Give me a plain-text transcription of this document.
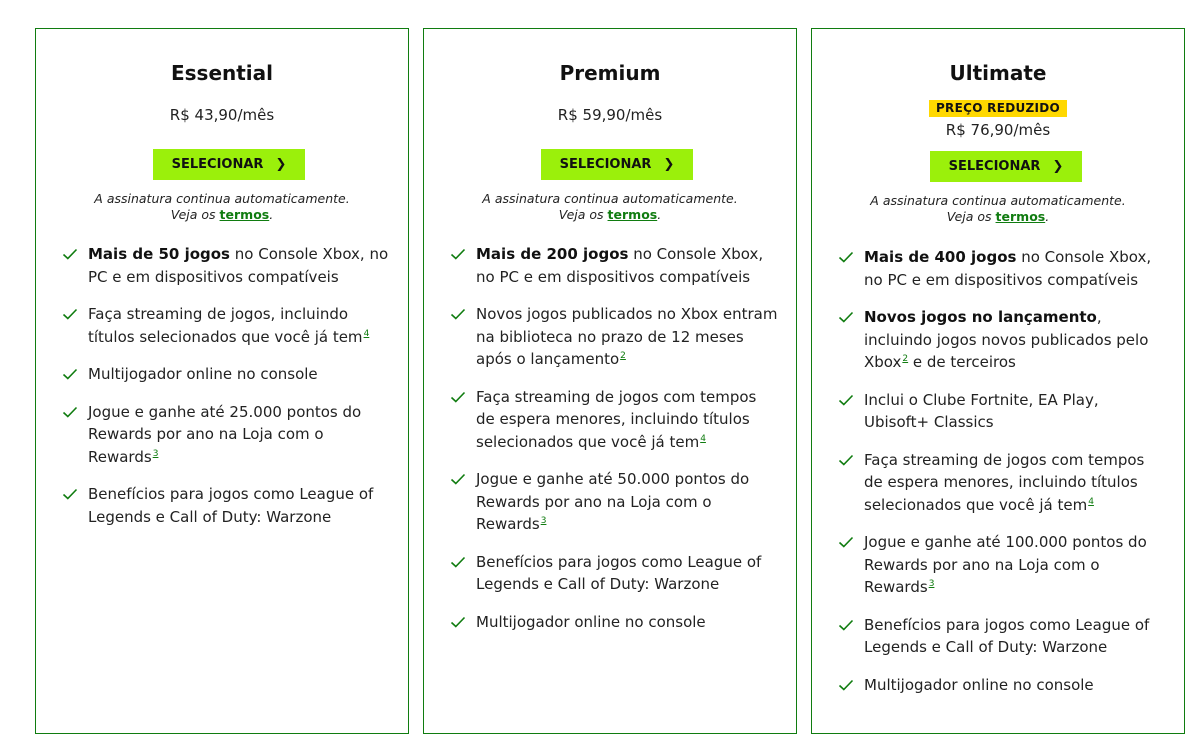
Essential
R$ 43,90/mês
SELECIONAR ❯
A assinatura continua automaticamente.
Veja os termos.
Mais de 50 jogos no Console Xbox, no PC e em dispositivos compatíveis
Faça streaming de jogos, incluindo títulos selecionados que você já tem$^4$
Multijogador online no console
Jogue e ganhe até 25.000 pontos do Rewards por ano na Loja com o Rewards$^3$
Benefícios para jogos como League of Legends e Call of Duty: Warzone
Premium
R$ 59,90/mês
SELECIONAR ❯
A assinatura continua automaticamente.
Veja os termos.
Mais de 200 jogos no Console Xbox, no PC e em dispositivos compatíveis
Novos jogos publicados no Xbox entram na biblioteca no prazo de 12 meses após o lançamento$^2$
Faça streaming de jogos com tempos de espera menores, incluindo títulos selecionados que você já tem$^4$
Jogue e ganhe até 50.000 pontos do Rewards por ano na Loja com o Rewards$^3$
Benefícios para jogos como League of Legends e Call of Duty: Warzone
Multijogador online no console
Ultimate
PREÇO REDUZIDO
R$ 76,90/mês
SELECIONAR ❯
A assinatura continua automaticamente.
Veja os termos.
Mais de 400 jogos no Console Xbox, no PC e em dispositivos compatíveis
Novos jogos no lançamento, incluindo jogos novos publicados pelo Xbox$^2$ e de terceiros
Inclui o Clube Fortnite, EA Play, Ubisoft+ Classics
Faça streaming de jogos com tempos de espera menores, incluindo títulos selecionados que você já tem$^4$
Jogue e ganhe até 100.000 pontos do Rewards por ano na Loja com o Rewards$^3$
Benefícios para jogos como League of Legends e Call of Duty: Warzone
Multijogador online no console
